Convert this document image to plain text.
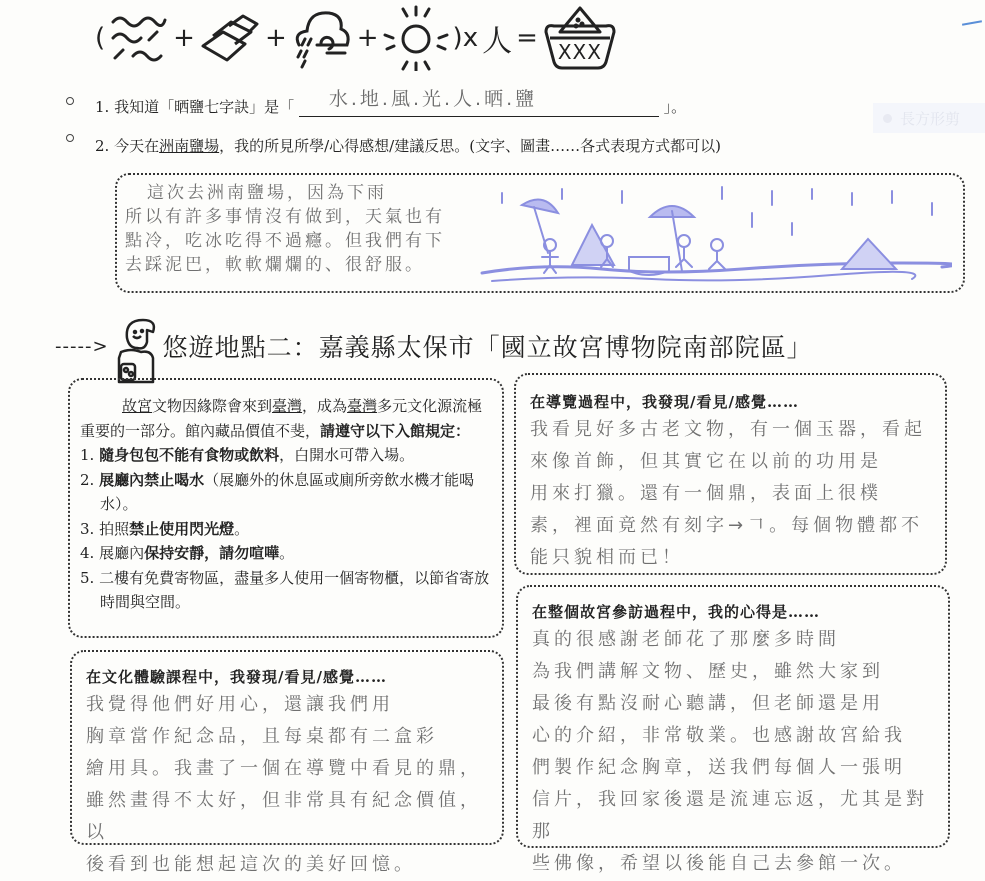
(	+	+	+	)x 人 = XXX
長方形剪
1. 我知道「晒鹽七字訣」是「 水.地.風.光.人.晒.鹽	」。
2. 今天在洲南鹽場，我的所見所學/心得感想/建議反思。(文字、圖畫……各式表現方式都可以)
這次去洲南鹽場，因為下雨
所以有許多事情沒有做到，天氣也有
點冷，吃冰吃得不過癮。但我們有下
去踩泥巴，軟軟爛爛的、很舒服。
-----> 悠遊地點二：嘉義縣太保市「國立故宮博物院南部院區」

故宮文物因緣際會來到臺灣，成為臺灣多元文化源流極重要的一部分。館內藏品價值不斐，請遵守以下入館規定：

1. 隨身包包不能有食物或飲料，白開水可帶入場。

2. 展廳內禁止喝水（展廳外的休息區或廁所旁飲水機才能喝水）。

3. 拍照禁止使用閃光燈。

4. 展廳內保持安靜，請勿喧嘩。

5. 二樓有免費寄物區，盡量多人使用一個寄物櫃，以節省寄放時間與空間。

在導覽過程中，我發現/看見/感覺……
我看見好多古老文物，有一個玉器，看起
來像首飾，但其實它在以前的功用是
用來打獵。還有一個鼎，表面上很樸
素，裡面竟然有刻字→𠃍。每個物體都不
能只貌相而已！
在文化體驗課程中，我發現/看見/感覺……
我覺得他們好用心，還讓我們用
胸章當作紀念品，且每桌都有二盒彩
繪用具。我畫了一個在導覽中看見的鼎，
雖然畫得不太好，但非常具有紀念價值，以
後看到也能想起這次的美好回憶。
在整個故宮參訪過程中，我的心得是……
真的很感謝老師花了那麼多時間
為我們講解文物、歷史，雖然大家到
最後有點沒耐心聽講，但老師還是用
心的介紹，非常敬業。也感謝故宮給我
們製作紀念胸章，送我們每個人一張明
信片，我回家後還是流連忘返，尤其是對那
些佛像，希望以後能自己去參館一次。
